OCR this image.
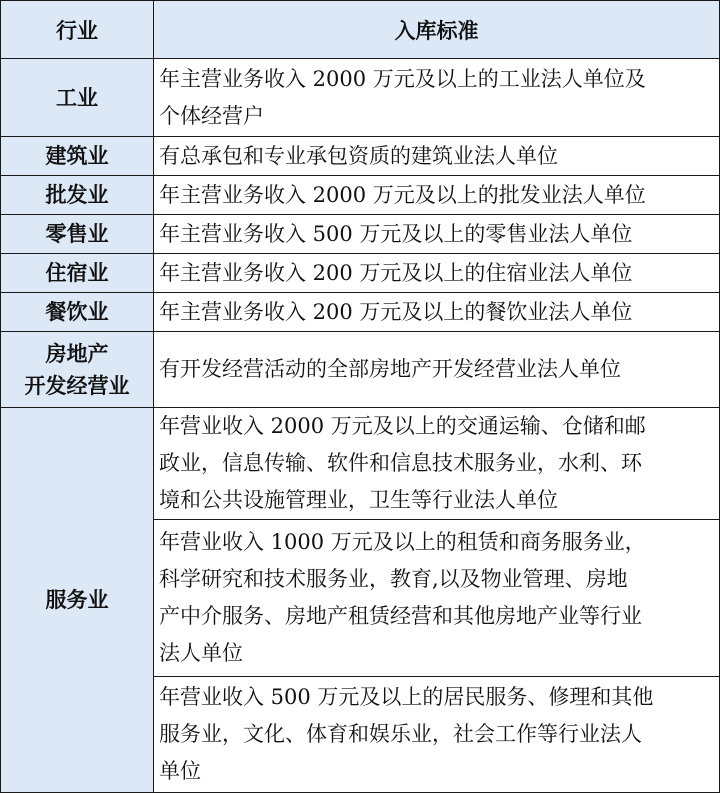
行业	入库标准

工业	年主营业务收入 2000 万元及以上的工业法人单位及
个体经营户

建筑业	有总承包和专业承包资质的建筑业法人单位

批发业	年主营业务收入 2000 万元及以上的批发业法人单位

零售业	年主营业务收入 500 万元及以上的零售业法人单位

住宿业	年主营业务收入 200 万元及以上的住宿业法人单位

餐饮业	年主营业务收入 200 万元及以上的餐饮业法人单位

房地产
开发经营业	有开发经营活动的全部房地产开发经营业法人单位

服务业	年营业收入 2000 万元及以上的交通运输、仓储和邮
政业，信息传输、软件和信息技术服务业，水利、环
境和公共设施管理业，卫生等行业法人单位

	年营业收入 1000 万元及以上的租赁和商务服务业，
科学研究和技术服务业，教育,以及物业管理、房地
产中介服务、房地产租赁经营和其他房地产业等行业
法人单位

	年营业收入 500 万元及以上的居民服务、修理和其他
服务业，文化、体育和娱乐业，社会工作等行业法人
单位
